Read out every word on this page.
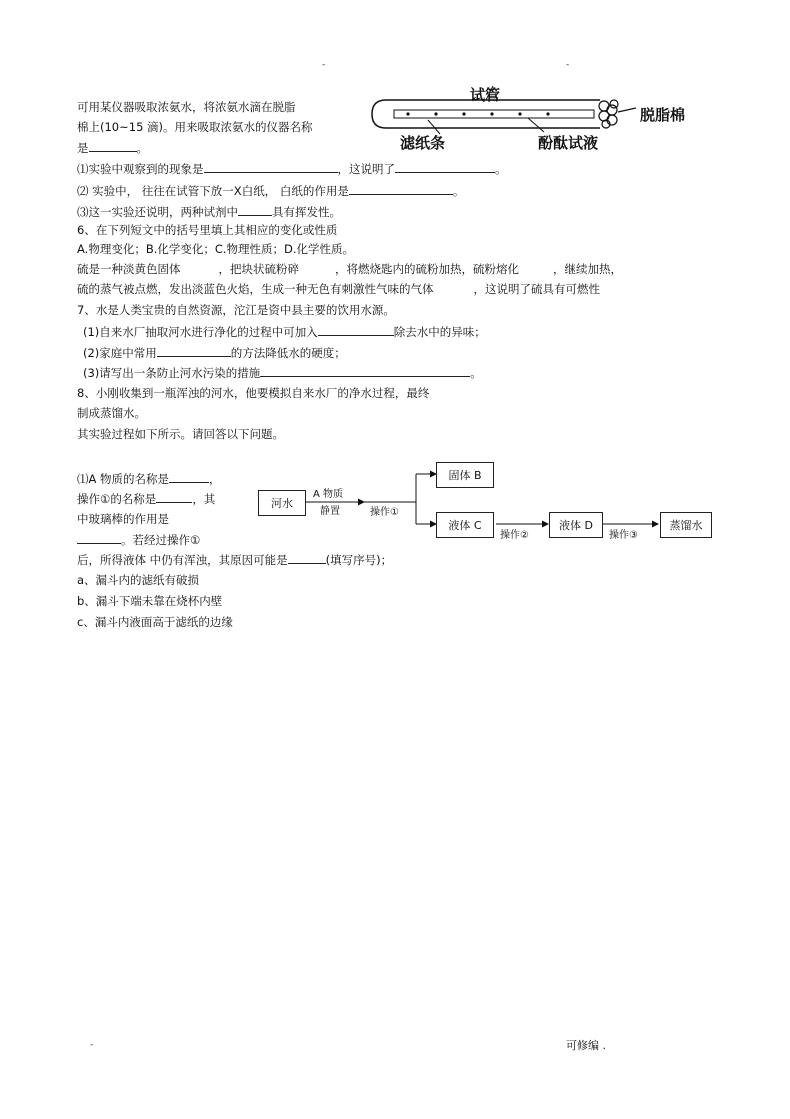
-	-
试管
脱脂棉
滤纸条	酚酞试液
可用某仪器吸取浓氨水，将浓氨水滴在脱脂
棉上(10~15 滴)。用来吸取浓氨水的仪器名称
是	。
⑴实验中观察到的现象是	，这说明了	。
⑵ 实验中， 往往在试管下放一X白纸， 白纸的作用是	。
⑶这一实验还说明，两种试剂中	具有挥发性。
6、在下列短文中的括号里填上其相应的变化或性质
A.物理变化；B.化学变化；C.物理性质；D.化学性质。
硫是一种淡黄色固体	，把块状硫粉碎	，将燃烧匙内的硫粉加热，硫粉熔化	，继续加热，
硫的蒸气被点燃，发出淡蓝色火焰，生成一种无色有刺激性气味的气体	，这说明了硫具有可燃性
7、水是人类宝贵的自然资源，沱江是资中县主要的饮用水源。
(1)自来水厂抽取河水进行净化的过程中可加入	除去水中的异味；
(2)家庭中常用	的方法降低水的硬度；
(3)请写出一条防止河水污染的措施	。
8、小刚收集到一瓶浑浊的河水，他要模拟自来水厂的净水过程，最终
制成蒸馏水。
其实验过程如下所示。请回答以下问题。
⑴A 物质的名称是	，
操作①的名称是	，其
中玻璃棒的作用是
。若经过操作①
后，所得液体 中仍有浑浊，其原因可能是	(填写序号)；
a、漏斗内的滤纸有破损
b、漏斗下端未靠在烧杯内壁
c、漏斗内液面高于滤纸的边缘
河水
A 物质
静置	操作①
固体 B
液体 C
操作②
液体 D
操作③
蒸馏水
-	可修编 .
